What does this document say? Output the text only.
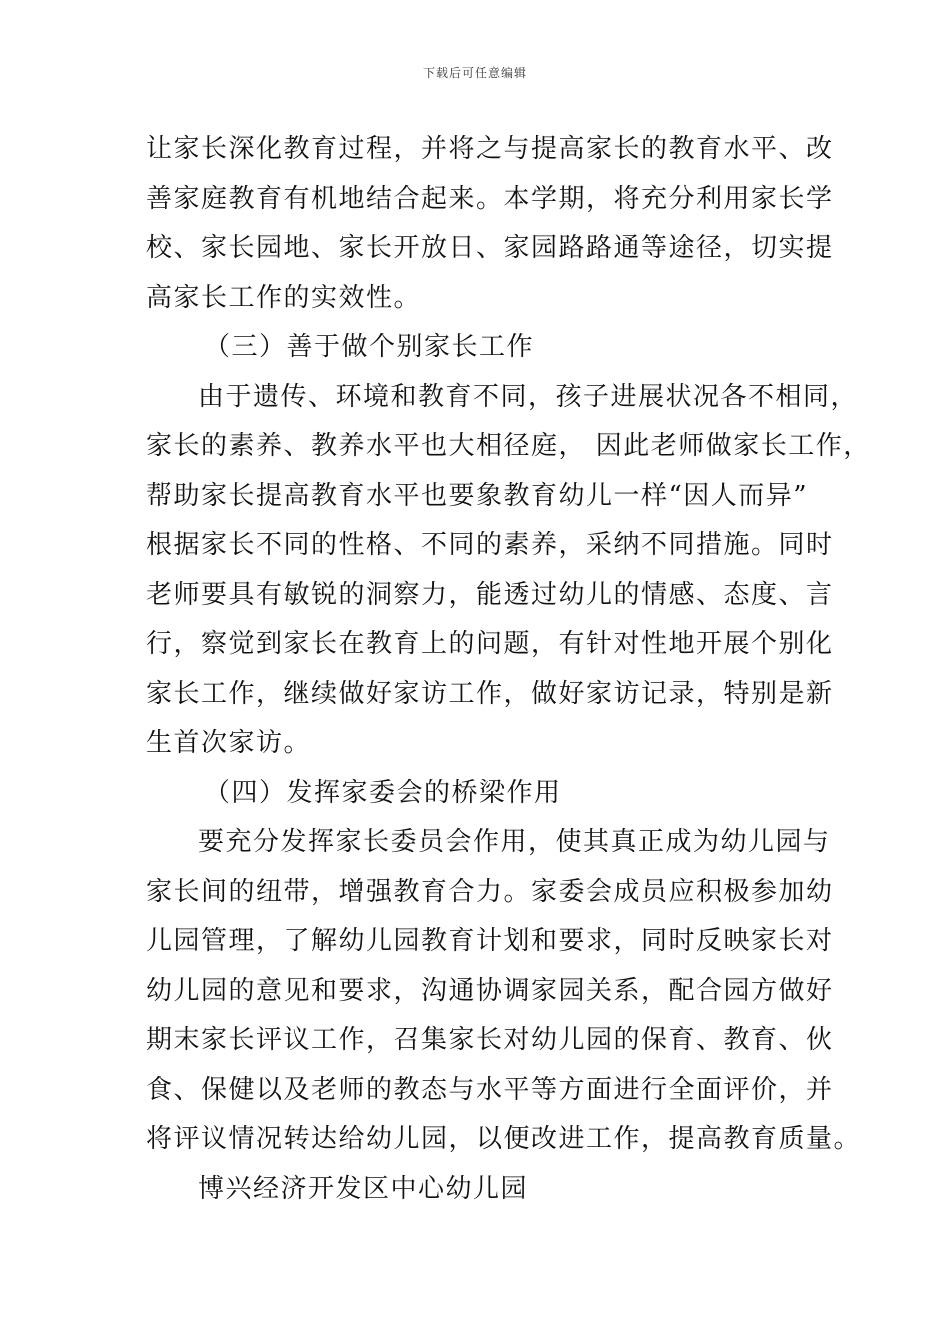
下载后可任意编辑
让家长深化教育过程，并将之与提高家长的教育水平、改
善家庭教育有机地结合起来。本学期，将充分利用家长学
校、家长园地、家长开放日、家园路路通等途径，切实提
高家长工作的实效性。
（三）善于做个别家长工作
由于遗传、环境和教育不同，孩子进展状况各不相同，
家长的素养、教养水平也大相径庭， 因此老师做家长工作，
帮助家长提高教育水平也要象教育幼儿一样“因人而异”
根据家长不同的性格、不同的素养，采纳不同措施。同时
老师要具有敏锐的洞察力，能透过幼儿的情感、态度、言
行，察觉到家长在教育上的问题，有针对性地开展个别化
家长工作，继续做好家访工作，做好家访记录，特别是新
生首次家访。
（四）发挥家委会的桥梁作用
要充分发挥家长委员会作用，使其真正成为幼儿园与
家长间的纽带，增强教育合力。家委会成员应积极参加幼
儿园管理，了解幼儿园教育计划和要求，同时反映家长对
幼儿园的意见和要求，沟通协调家园关系，配合园方做好
期末家长评议工作，召集家长对幼儿园的保育、教育、伙
食、保健以及老师的教态与水平等方面进行全面评价，并
将评议情况转达给幼儿园，以便改进工作，提高教育质量。
博兴经济开发区中心幼儿园
